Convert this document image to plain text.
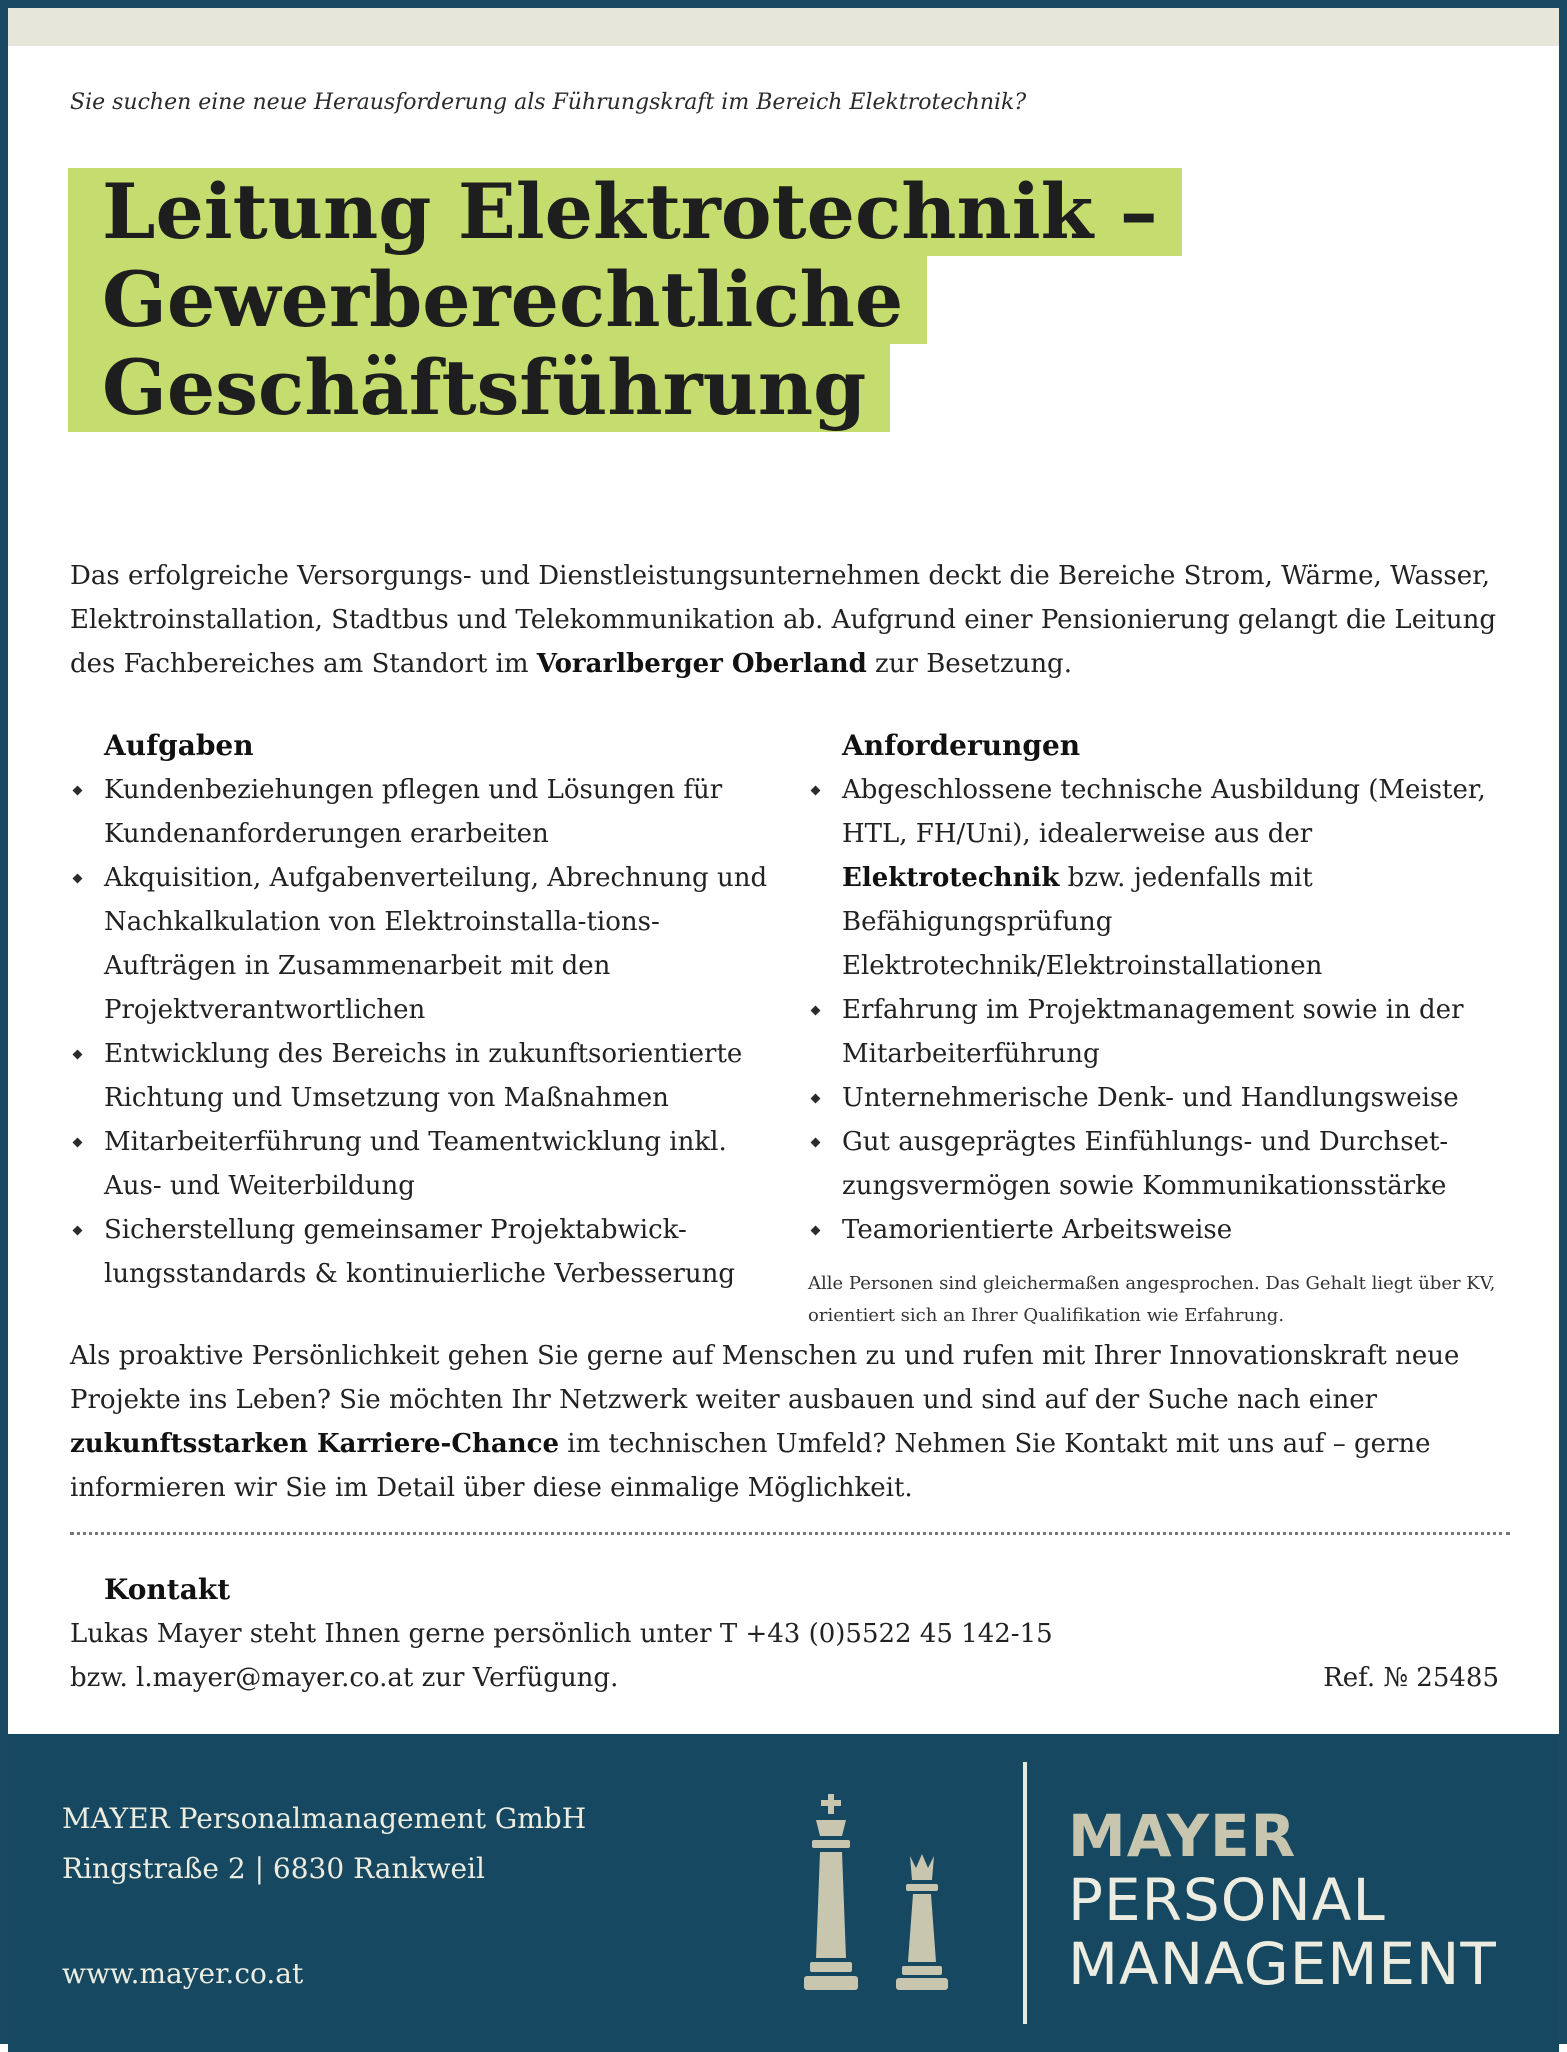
Sie suchen eine neue Herausforderung als Führungskraft im Bereich Elektrotechnik?
Leitung Elektrotechnik –
Gewerberechtliche
Geschäftsführung

Das erfolgreiche Versorgungs- und Dienstleistungsunternehmen deckt die Bereiche Strom, Wärme, Wasser, Elektroinstallation, Stadtbus und Telekommunikation ab. Aufgrund einer Pensionierung gelangt die Leitung des Fachbereiches am Standort im Vorarlberger Oberland zur Besetzung.

Aufgaben
Kundenbeziehungen pflegen und Lösungen für Kundenanforderungen erarbeiten
Akquisition, Aufgabenverteilung, Abrechnung und Nachkalkulation von Elektroinstalla-tions-Aufträgen in Zusammenarbeit mit den Projektverantwortlichen
Entwicklung des Bereichs in zukunftsorientierte Richtung und Umsetzung von Maßnahmen
Mitarbeiterführung und Teamentwicklung inkl. Aus- und Weiterbildung
Sicherstellung gemeinsamer Projektabwick-lungsstandards & kontinuierliche Verbesserung
Anforderungen
Abgeschlossene technische Ausbildung (Meister, HTL, FH/Uni), idealerweise aus der Elektrotechnik bzw. jedenfalls mit Befähigungsprüfung Elektrotechnik/Elektroinstallationen
Erfahrung im Projektmanagement sowie in der Mitarbeiterführung
Unternehmerische Denk- und Handlungsweise
Gut ausgeprägtes Einfühlungs- und Durchset-zungsvermögen sowie Kommunikationsstärke
Teamorientierte Arbeitsweise

Alle Personen sind gleichermaßen angesprochen. Das Gehalt liegt über KV, orientiert sich an Ihrer Qualifikation wie Erfahrung.

Als proaktive Persönlichkeit gehen Sie gerne auf Menschen zu und rufen mit Ihrer Innovationskraft neue Projekte ins Leben? Sie möchten Ihr Netzwerk weiter ausbauen und sind auf der Suche nach einer zukunftsstarken Karriere-Chance im technischen Umfeld? Nehmen Sie Kontakt mit uns auf – gerne informieren wir Sie im Detail über diese einmalige Möglichkeit.

Kontakt
Lukas Mayer steht Ihnen gerne persönlich unter T +43 (0)5522 45 142-15
bzw. l.mayer@mayer.co.at zur Verfügung.	Ref. № 25485
MAYER Personalmanagement GmbH
Ringstraße 2 | 6830 Rankweil
www.mayer.co.at
MAYER
PERSONAL
MANAGEMENT
